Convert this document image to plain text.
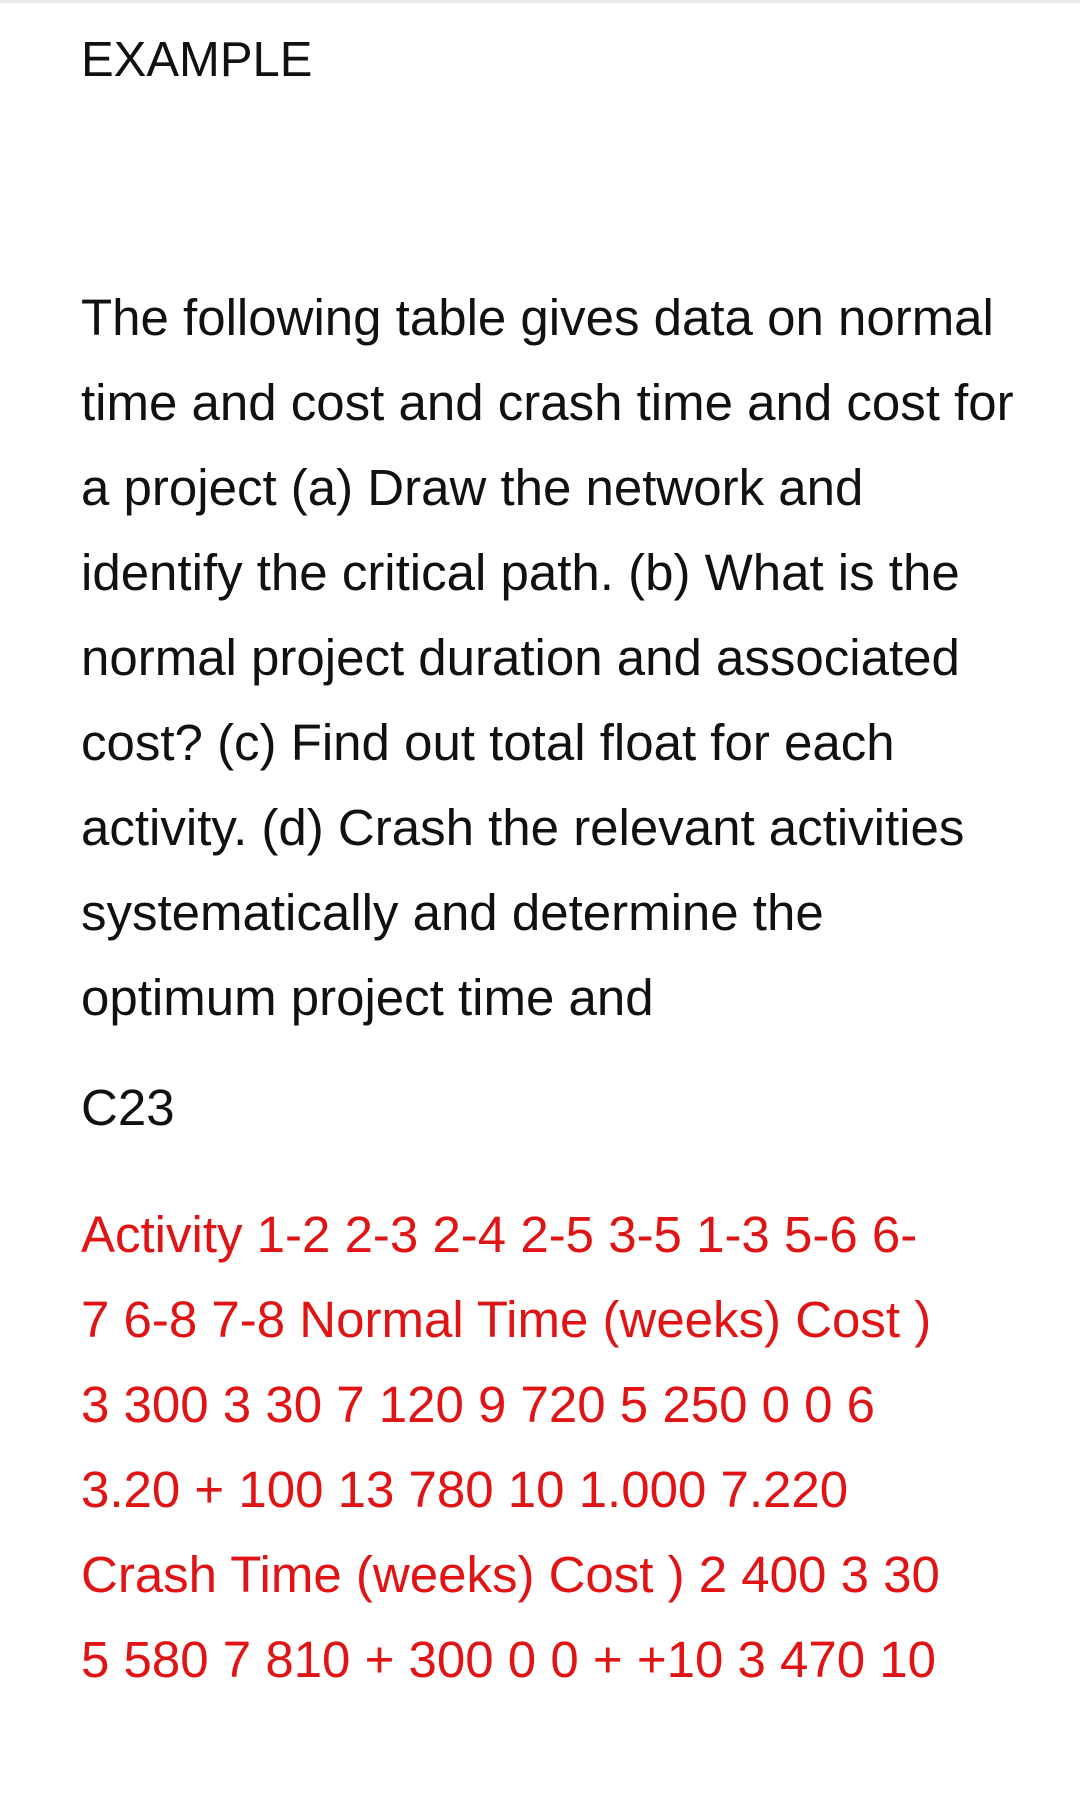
EXAMPLE

The following table gives data on normal time and cost and crash time and cost for a project (a) Draw the network and identify the critical path. (b) What is the normal project duration and associated cost? (c) Find out total float for each activity. (d) Crash the relevant activities systematically and determine the optimum project time and

C23

Activity 1-2 2-3 2-4 2-5 3-5 1-3 5-6 6-
7 6-8 7-8 Normal Time (weeks) Cost )
3 300 3 30 7 120 9 720 5 250 0 0 6
3.20 + 100 13 780 10 1.000 7.220
Crash Time (weeks) Cost ) 2 400 3 30
5 580 7 810 + 300 0 0 + +10 3 470 10
